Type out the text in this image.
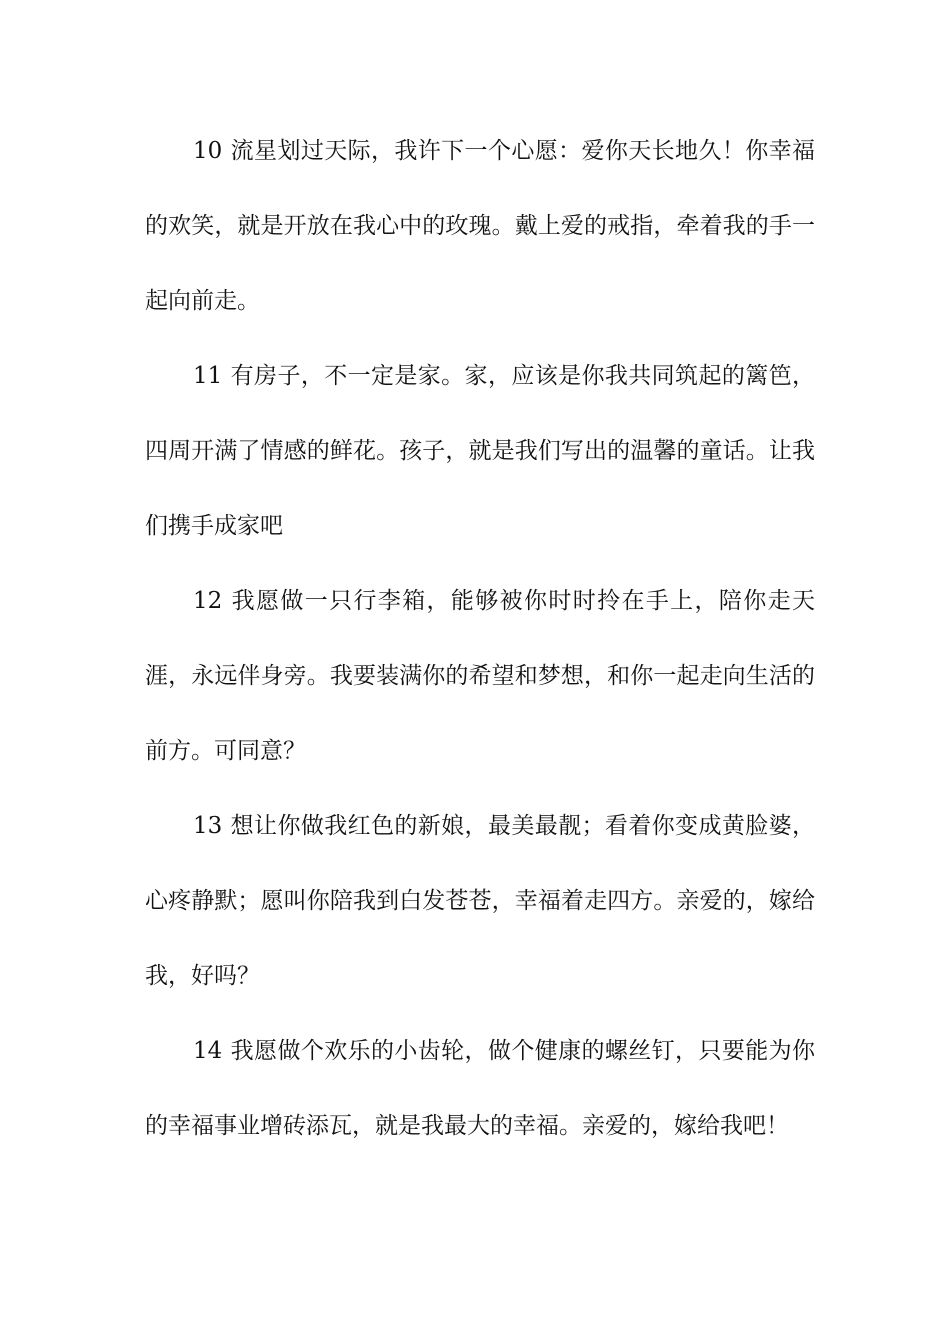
10 流星划过天际，我许下一个心愿：爱你天长地久！你幸福的欢笑，就是开放在我心中的玫瑰。戴上爱的戒指，牵着我的手一起向前走。

11 有房子，不一定是家。家，应该是你我共同筑起的篱笆，四周开满了情感的鲜花。孩子，就是我们写出的温馨的童话。让我们携手成家吧

12 我愿做一只行李箱，能够被你时时拎在手上，陪你走天涯，永远伴身旁。我要装满你的希望和梦想，和你一起走向生活的前方。可同意？

13 想让你做我红色的新娘，最美最靓；看着你变成黄脸婆，心疼静默；愿叫你陪我到白发苍苍，幸福着走四方。亲爱的，嫁给我，好吗？

14 我愿做个欢乐的小齿轮，做个健康的螺丝钉，只要能为你的幸福事业增砖添瓦，就是我最大的幸福。亲爱的，嫁给我吧！
